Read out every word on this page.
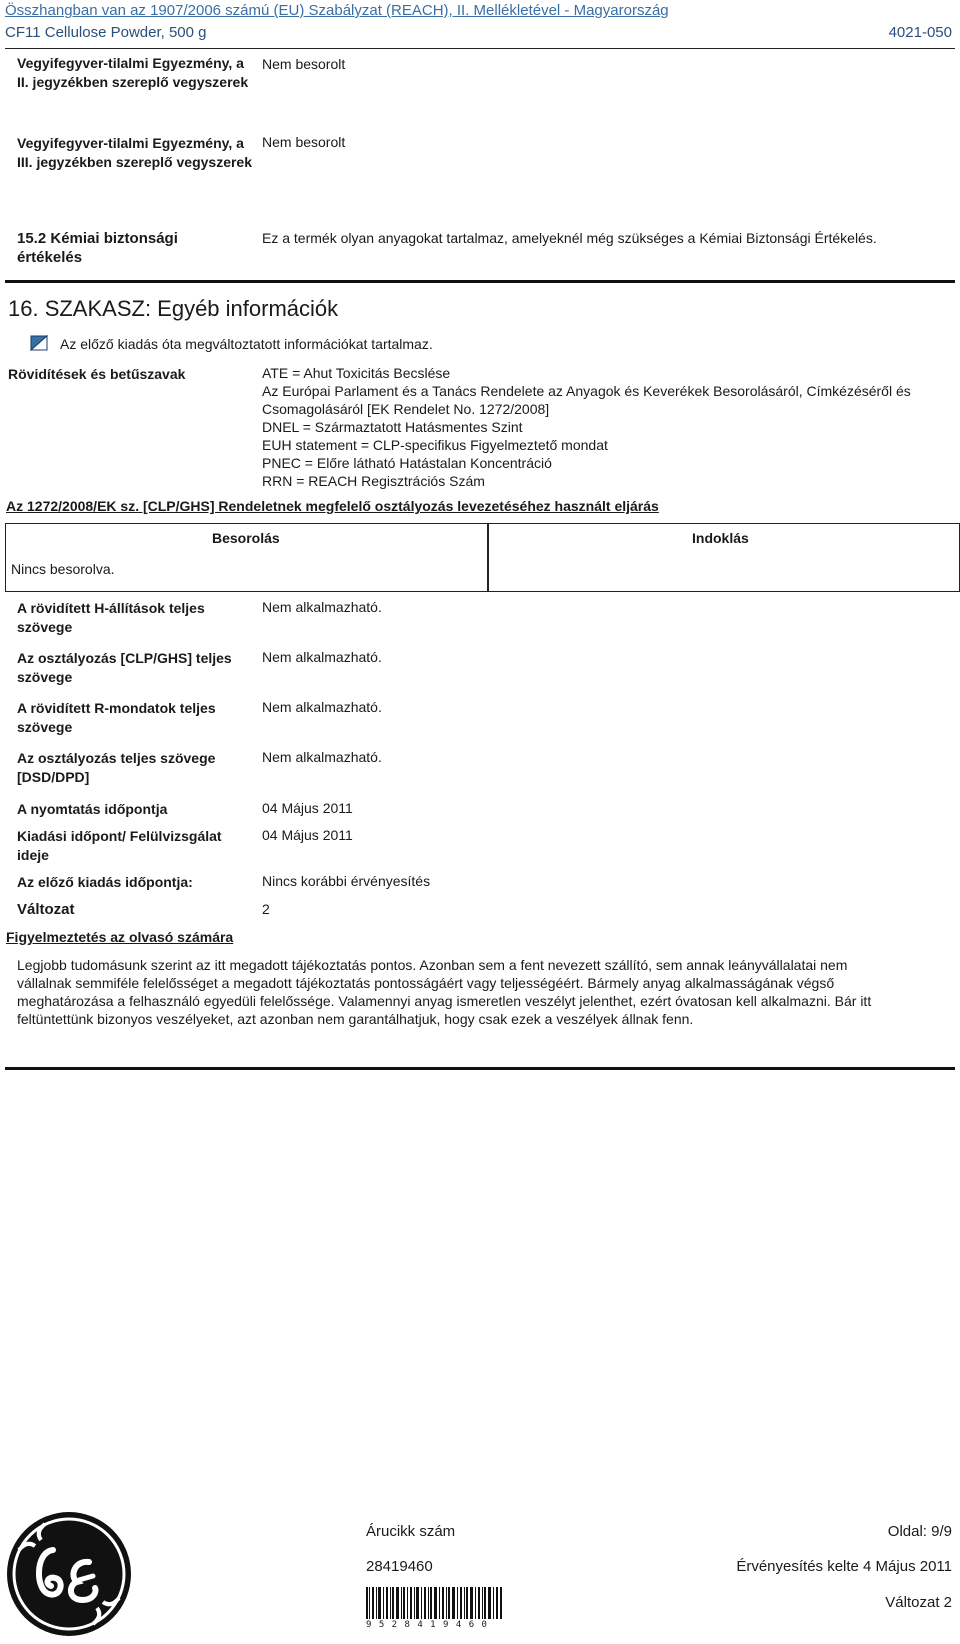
Összhangban van az 1907/2006 számú (EU) Szabályzat (REACH), II. Mellékletével - Magyarország
CF11 Cellulose Powder, 500 g	4021-050
Vegyifegyver-tilalmi Egyezmény, a
II. jegyzékben szereplő vegyszerek
Nem besorolt
Vegyifegyver-tilalmi Egyezmény, a
III. jegyzékben szereplő vegyszerek
Nem besorolt
15.2 Kémiai biztonsági
értékelés
Ez a termék olyan anyagokat tartalmaz, amelyeknél még szükséges a Kémiai Biztonsági Értékelés.
16. SZAKASZ: Egyéb információk
Az előző kiadás óta megváltoztatott információkat tartalmaz.
Rövidítések és betűszavak	ATE = Ahut Toxicitás Becslése
Az Európai Parlament és a Tanács Rendelete az Anyagok és Keverékek Besorolásáról, Címkézéséről és
Csomagolásáról [EK Rendelet No. 1272/2008]
DNEL = Származtatott Hatásmentes Szint
EUH statement = CLP-specifikus Figyelmeztető mondat
PNEC = Előre látható Hatástalan Koncentráció
RRN = REACH Regisztrációs Szám
Az 1272/2008/EK sz. [CLP/GHS] Rendeletnek megfelelő osztályozás levezetéséhez használt eljárás
Besorolás	Indoklás
Nincs besorolva.
A rövidített H-állítások teljes
szövege
Nem alkalmazható.
Az osztályozás [CLP/GHS] teljes
szövege
Nem alkalmazható.
A rövidített R-mondatok teljes
szövege
Nem alkalmazható.
Az osztályozás teljes szövege
[DSD/DPD]
Nem alkalmazható.
A nyomtatás időpontja	04 Május 2011
Kiadási időpont/ Felülvizsgálat
ideje
04 Május 2011
Az előző kiadás időpontja:	Nincs korábbi érvényesítés
Változat	2
Figyelmeztetés az olvasó számára
Legjobb tudomásunk szerint az itt megadott tájékoztatás pontos. Azonban sem a fent nevezett szállító, sem annak leányvállalatai nem
vállalnak semmiféle felelősséget a megadott tájékoztatás pontosságáért vagy teljességéért. Bármely anyag alkalmasságának végső
meghatározása a felhasználó egyedüli felelőssége. Valamennyi anyag ismeretlen veszélyt jelenthet, ezért óvatosan kell alkalmazni. Bár itt
feltüntettünk bizonyos veszélyeket, azt azonban nem garantálhatjuk, hogy csak ezek a veszélyek állnak fenn.
Árucikk szám
28419460
Oldal: 9/9
Érvényesítés kelte 4 Május 2011
Változat 2
9 5 2 8 4 1 9 4 6 0
